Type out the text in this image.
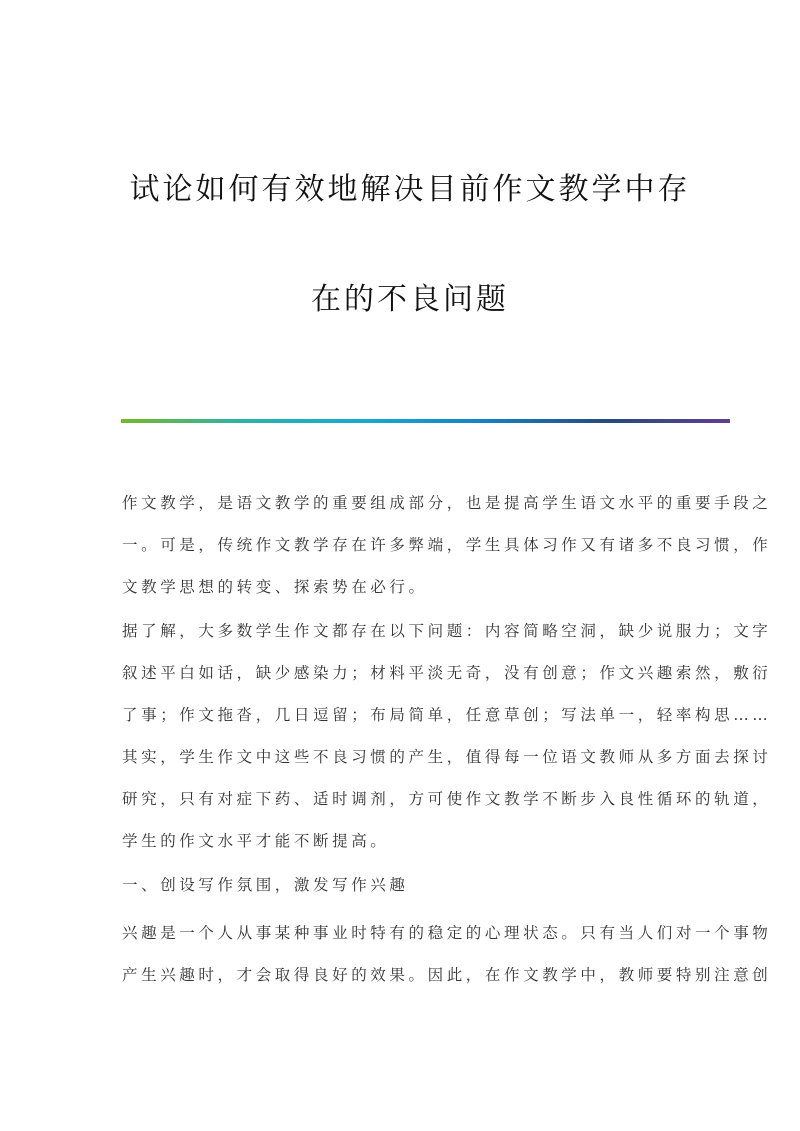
试论如何有效地解决目前作文教学中存
在的不良问题
作文教学，是语文教学的重要组成部分，也是提高学生语文水平的重要手段之
一。可是，传统作文教学存在许多弊端，学生具体习作又有诸多不良习惯，作
文教学思想的转变、探索势在必行。
据了解，大多数学生作文都存在以下问题：内容简略空洞，缺少说服力；文字
叙述平白如话，缺少感染力；材料平淡无奇，没有创意；作文兴趣索然，敷衍
了事；作文拖沓，几日逗留；布局简单，任意草创；写法单一，轻率构思……
其实，学生作文中这些不良习惯的产生，值得每一位语文教师从多方面去探讨
研究，只有对症下药、适时调剂，方可使作文教学不断步入良性循环的轨道，
学生的作文水平才能不断提高。
一、创设写作氛围，激发写作兴趣
兴趣是一个人从事某种事业时特有的稳定的心理状态。只有当人们对一个事物
产生兴趣时，才会取得良好的效果。因此，在作文教学中，教师要特别注意创
